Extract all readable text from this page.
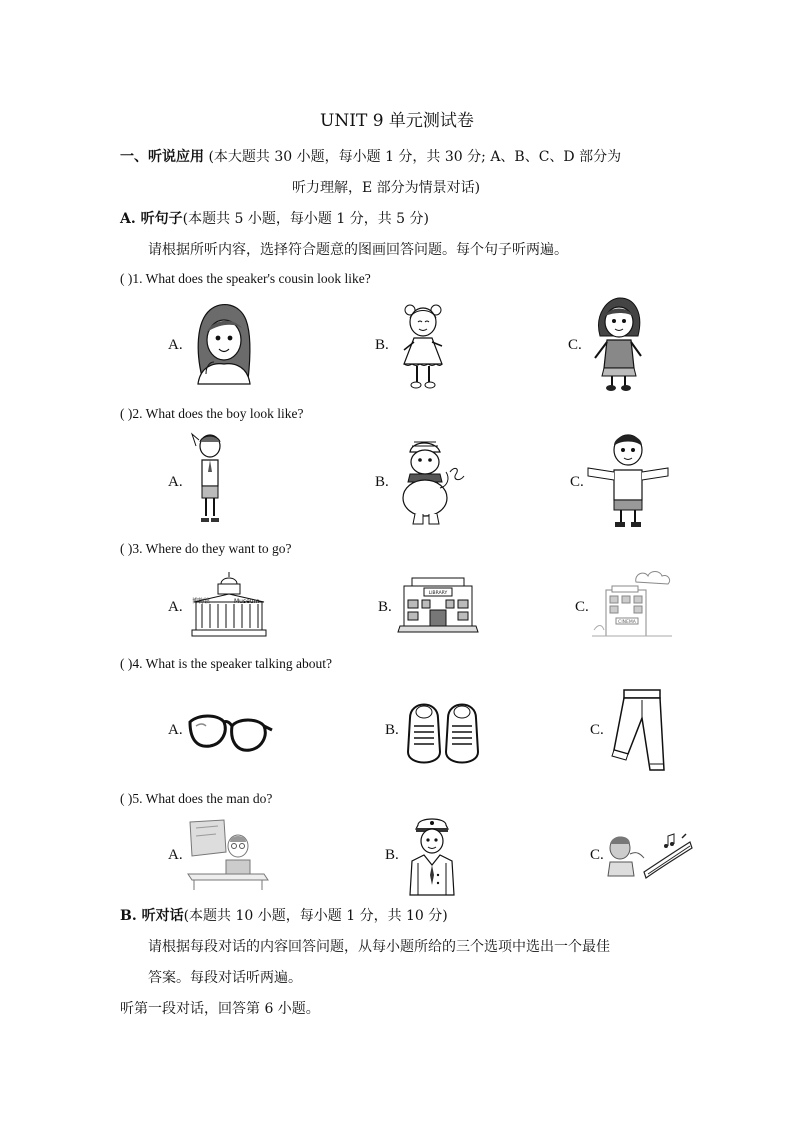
UNIT 9 单元测试卷
一、听说应用 (本大题共 30 小题，每小题 1 分，共 30 分; A、B、C、D 部分为
听力理解，E 部分为情景对话)
A. 听句子(本题共 5 小题，每小题 1 分，共 5 分)
请根据所听内容，选择符合题意的图画回答问题。每个句子听两遍。
( )1. What does the speaker's cousin look like?
A.	B.	C.
( )2. What does the boy look like?
A.	B.	C.
( )3. Where do they want to go?
A.	B.	C.
博物馆	Museum
LIBRARY
CINEMA
( )4. What is the speaker talking about?
A.	B.	C.
( )5. What does the man do?
A.	B.	C.
B. 听对话(本题共 10 小题，每小题 1 分，共 10 分)
请根据每段对话的内容回答问题，从每小题所给的三个选项中选出一个最佳
答案。每段对话听两遍。
听第一段对话，回答第 6 小题。
